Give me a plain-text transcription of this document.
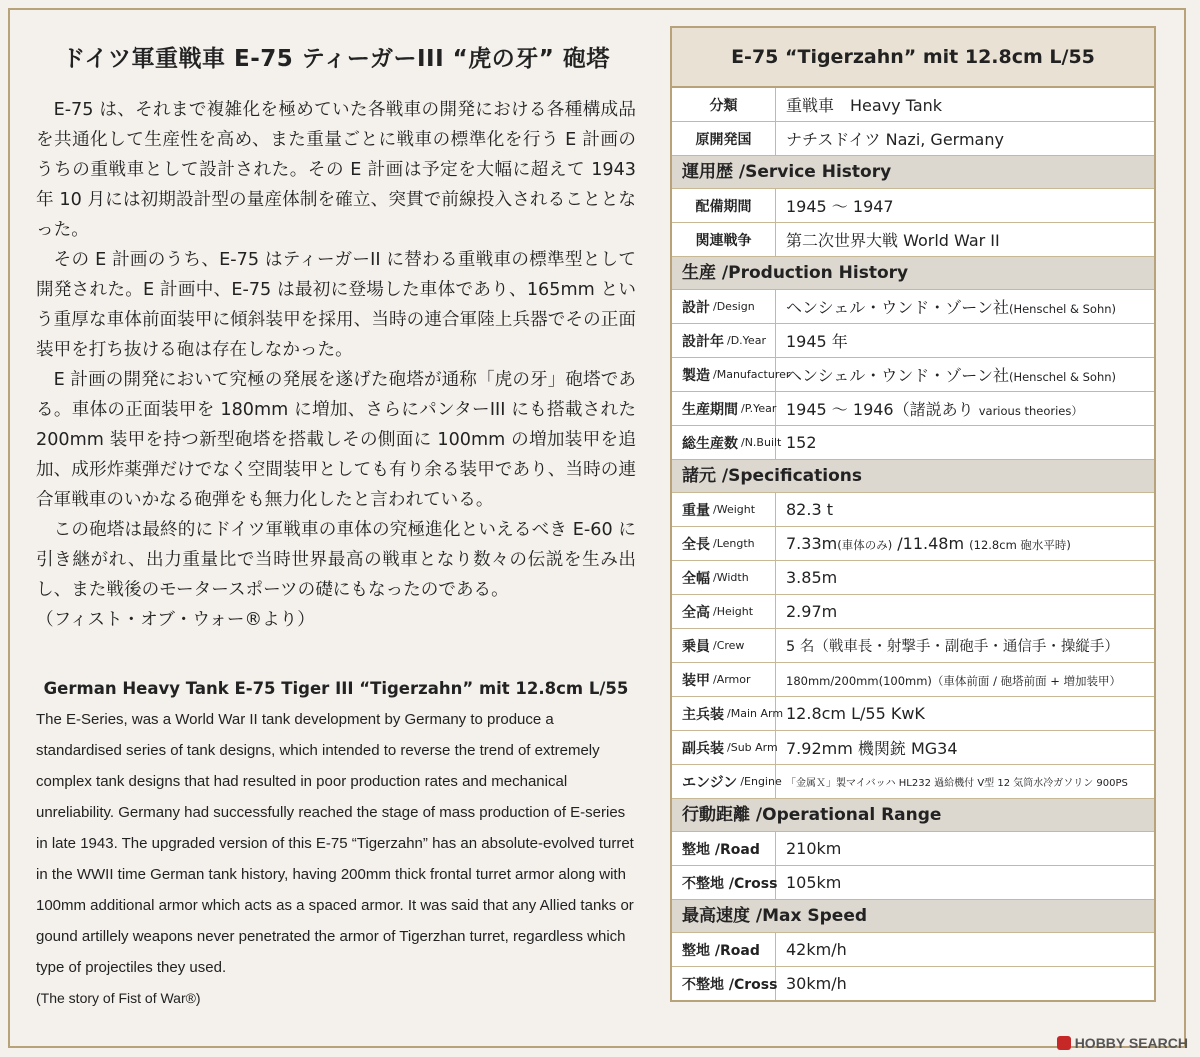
ドイツ軍重戦車 E-75 ティーガーIII “虎の牙” 砲塔

E-75 は、それまで複雑化を極めていた各戦車の開発における各種構成品を共通化して生産性を高め、また重量ごとに戦車の標準化を行う E 計画のうちの重戦車として設計された。その E 計画は予定を大幅に超えて 1943 年 10 月には初期設計型の量産体制を確立、突貫で前線投入されることとなった。

その E 計画のうち、E-75 はティーガーII に替わる重戦車の標準型として開発された。E 計画中、E-75 は最初に登場した車体であり、165mm という重厚な車体前面装甲に傾斜装甲を採用、当時の連合軍陸上兵器でその正面装甲を打ち抜ける砲は存在しなかった。

E 計画の開発において究極の発展を遂げた砲塔が通称「虎の牙」砲塔である。車体の正面装甲を 180mm に増加、さらにパンターIII にも搭載された 200mm 装甲を持つ新型砲塔を搭載しその側面に 100mm の増加装甲を追加、成形炸薬弾だけでなく空間装甲としても有り余る装甲であり、当時の連合軍戦車のいかなる砲弾をも無力化したと言われている。

この砲塔は最終的にドイツ軍戦車の車体の究極進化といえるべき E-60 に引き継がれ、出力重量比で当時世界最高の戦車となり数々の伝説を生み出し、また戦後のモータースポーツの礎にもなったのである。

（フィスト・オブ・ウォー®より）

German Heavy Tank E-75 Tiger III “Tigerzahn” mit 12.8cm L/55

The E-Series, was a World War II tank development by Germany to produce a standardised series of tank designs, which intended to reverse the trend of extremely complex tank designs that had resulted in poor production rates and mechanical unreliability. Germany had successfully reached the stage of mass production of E-series in late 1943. The upgraded version of this E-75 “Tigerzahn” has an absolute-evolved turret in the WWII time German tank history, having 200mm thick frontal turret armor along with 100mm additional armor which acts as a spaced armor. It was said that any Allied tanks or gound artillely weapons never penetrated the armor of Tigerzhan turret, regardless which type of projectiles they used.

(The story of Fist of War®)

E-75 “Tigerzahn” mit 12.8cm L/55
分類	重戦車　Heavy Tank
原開発国	ナチスドイツ Nazi, Germany
運用歴 /Service History
配備期間	1945 ～ 1947
関連戦争	第二次世界大戦 World War II
生産 /Production History
設計 /Design	ヘンシェル・ウンド・ゾーン社(Henschel & Sohn)
設計年 /D.Year	1945 年
製造 /Manufacturer
ヘンシェル・ウンド・ゾーン社(Henschel & Sohn)
生産期間 /P.Year 1945 ～ 1946（諸説あり various theories）
総生産数 /N.Built 152
諸元 /Specifications
重量 /Weight	82.3 t
全長 /Length	7.33m(車体のみ) /11.48m (12.8cm 砲水平時)
全幅 /Width	3.85m
全高 /Height	2.97m
乗員 /Crew	5 名（戦車長・射撃手・副砲手・通信手・操縦手）
装甲 /Armor	180mm/200mm(100mm)（車体前面 / 砲塔前面 + 増加装甲）
主兵装 /Main Arm 12.8cm L/55 KwK
副兵装 /Sub Arm 7.92mm 機関銃 MG34
エンジン /Engine 「金属Ｘ」製マイバッハ HL232 過給機付 V型 12 気筒水冷ガソリン 900PS
行動距離 /Operational Range
整地 /Road	210km
不整地 /Cross 105km
最高速度 /Max Speed
整地 /Road	42km/h
不整地 /Cross 30km/h
HOBBY SEARCH
